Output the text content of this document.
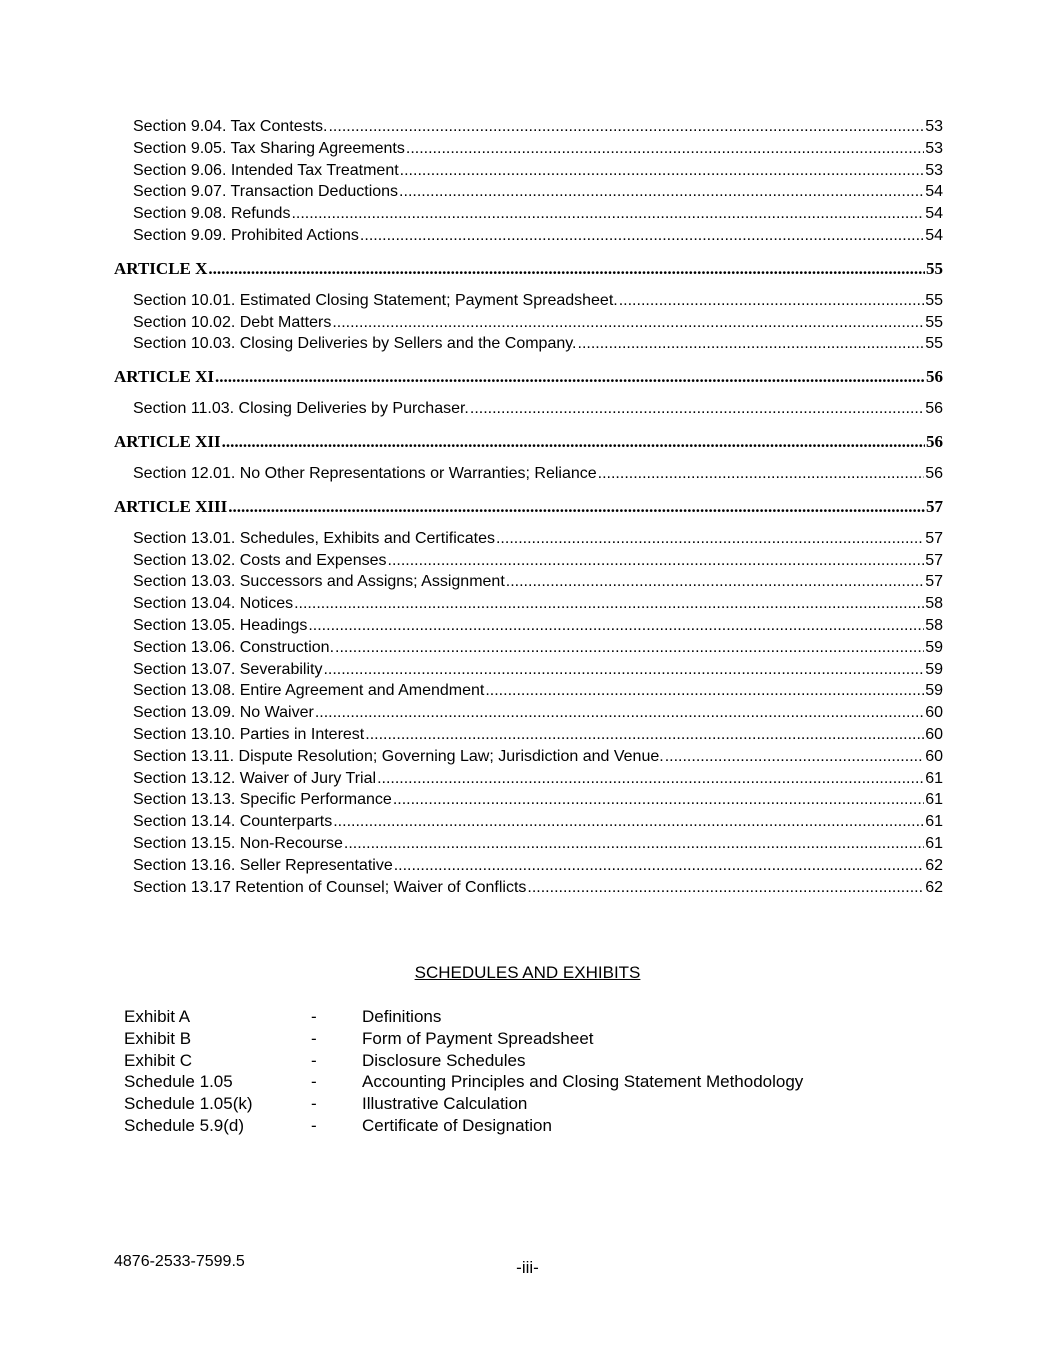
Section 9.04. Tax Contests. .....	53
Section 9.05. Tax Sharing Agreements .....	53
Section 9.06. Intended Tax Treatment .....	53
Section 9.07. Transaction Deductions .....	54
Section 9.08. Refunds .....	54
Section 9.09. Prohibited Actions .....	54
ARTICLE X .....	55
Section 10.01. Estimated Closing Statement; Payment Spreadsheet. .....	55
Section 10.02. Debt Matters .....	55
Section 10.03. Closing Deliveries by Sellers and the Company. .....	55
ARTICLE XI .....	56
Section 11.03. Closing Deliveries by Purchaser. .....	56
ARTICLE XII .....	56
Section 12.01. No Other Representations or Warranties; Reliance .....	56
ARTICLE XIII .....	57
Section 13.01. Schedules, Exhibits and Certificates .....	57
Section 13.02. Costs and Expenses .....	57
Section 13.03. Successors and Assigns; Assignment .....	57
Section 13.04. Notices .....	58
Section 13.05. Headings .....	58
Section 13.06. Construction. .....	59
Section 13.07. Severability .....	59
Section 13.08. Entire Agreement and Amendment .....	59
Section 13.09. No Waiver .....	60
Section 13.10. Parties in Interest .....	60
Section 13.11. Dispute Resolution; Governing Law; Jurisdiction and Venue. .....	60
Section 13.12. Waiver of Jury Trial .....	61
Section 13.13. Specific Performance .....	61
Section 13.14. Counterparts .....	61
Section 13.15. Non-Recourse .....	61
Section 13.16. Seller Representative .....	62
Section 13.17 Retention of Counsel; Waiver of Conflicts .....	62
SCHEDULES AND EXHIBITS
Exhibit A	-	Definitions
Exhibit B	-	Form of Payment Spreadsheet
Exhibit C	-	Disclosure Schedules
Schedule 1.05	-	Accounting Principles and Closing Statement Methodology
Schedule 1.05(k)	-	Illustrative Calculation
Schedule 5.9(d)	-	Certificate of Designation
4876-2533-7599.5	-iii-
